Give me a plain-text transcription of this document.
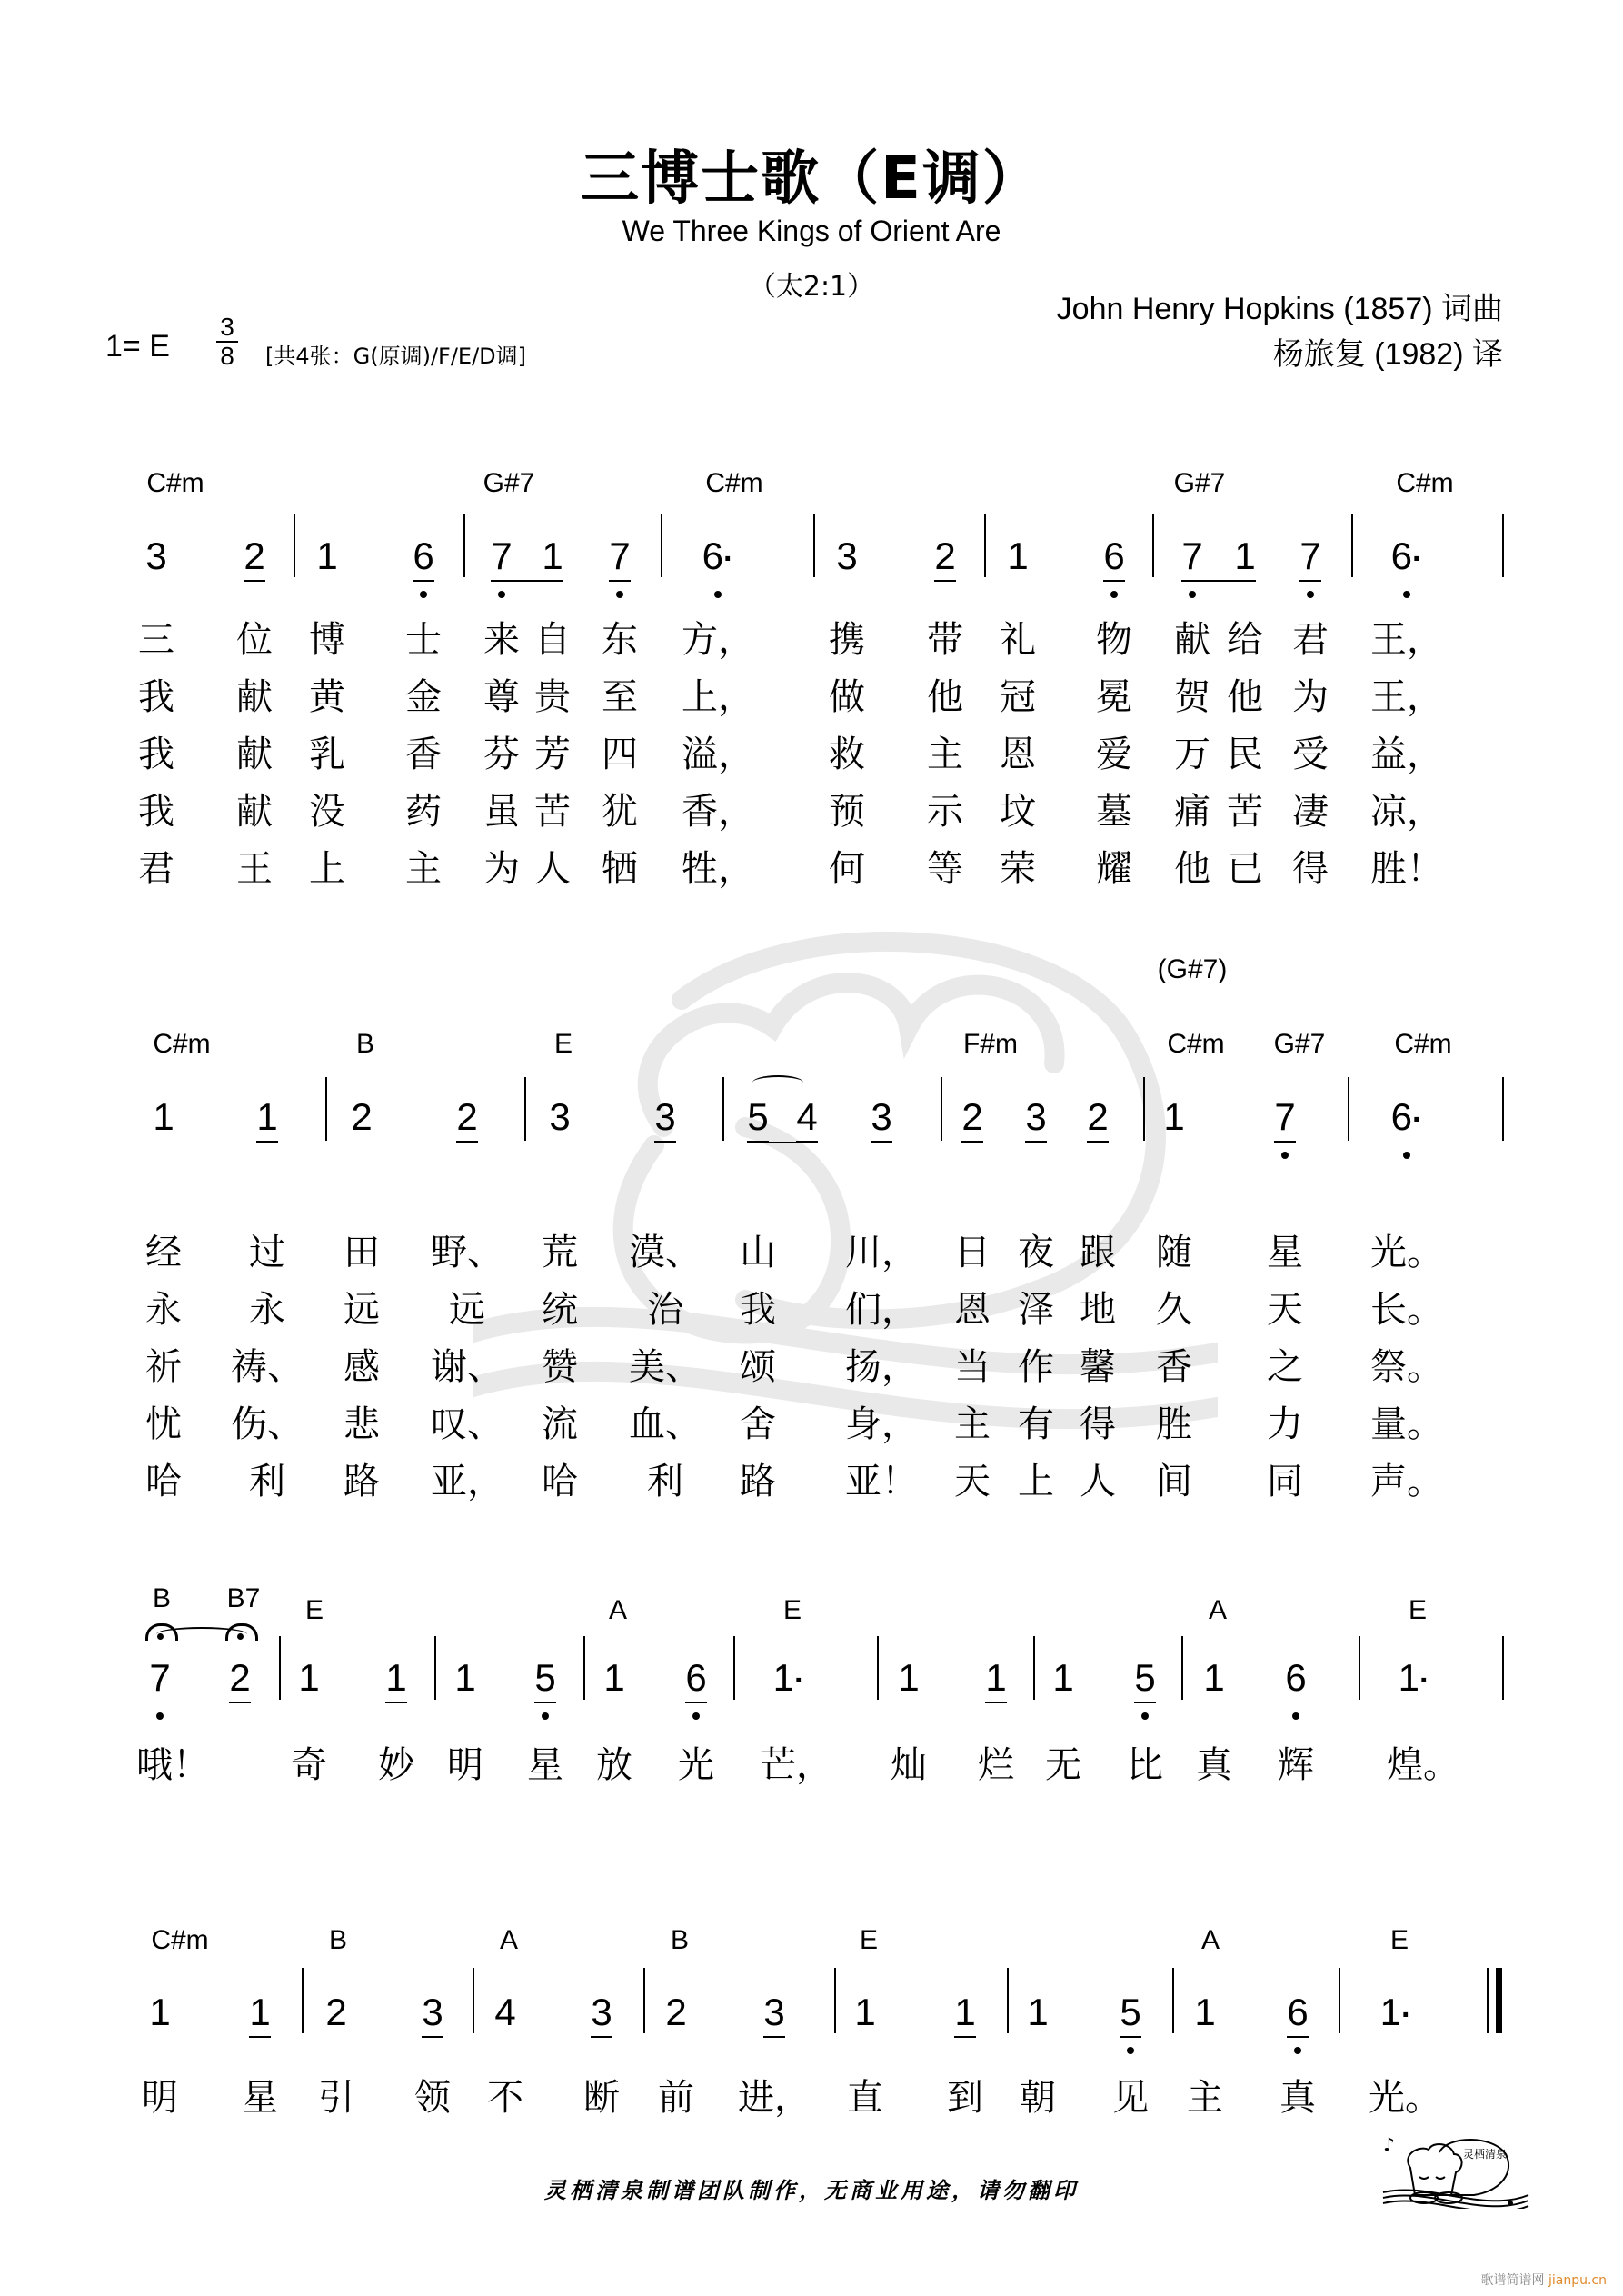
三博士歌（E调）
We Three Kings of Orient Are
（太2:1）
John Henry Hopkins (1857) 词曲
杨旅复 (1982) 译
1= E
3
8 [共4张：G(原调)/F/E/D调]
C#m	G#7	C#m	G#7	C#m
3 2 1 6 7 1 7	6·	3 2 1 6 7 1 7	6·
三 位 博 士 来 自 东 方， 携 带 礼 物 献 给 君 王，
我 献 黄 金 尊 贵 至 上， 做 他 冠 冕 贺 他 为 王，
我 献 乳 香 芬 芳 四 溢， 救 主 恩 爱 万 民 受 益，
我 献 没 药 虽 苦 犹 香， 预 示 坟 墓 痛 苦 凄 凉，
君 王 上 主 为 人 牺 牲， 何 等 荣 耀 他 已 得 胜！
C#m	B	E	F#m	C#m G#7	C#m
(G#7)
1 1 2 2 3 3 5 4 3 2 3 2 1 7	6·
经 过 田 野、 荒 漠、 山 川， 日 夜 跟 随 星 光。
永 永 远 远 统 治 我 们， 恩 泽 地 久 天 长。
祈 祷、 感 谢、 赞 美、 颂 扬， 当 作 馨 香 之 祭。
忧 伤、 悲 叹、 流 血、 舍 身， 主 有 得 胜 力 量。
哈 利 路 亚， 哈 利 路 亚！ 天 上 人 间 同 声。
B B7 E	A	E	A	E
7 2 1 1 1 5 1 6	1·	1 1 1 5 1 6	1·
哦！ 奇 妙 明 星 放 光 芒， 灿 烂 无 比 真 辉 煌。
C#m	B	A	B	E	A	E
1 1 2 3 4 3 2 3 1 1 1 5 1 6	1·
明 星 引 领 不 断 前 进， 直 到 朝 见 主 真 光。
灵栖清泉制谱团队制作，无商业用途，请勿翻印
♪	灵栖清泉
歌谱简谱网 jianpu.cn
